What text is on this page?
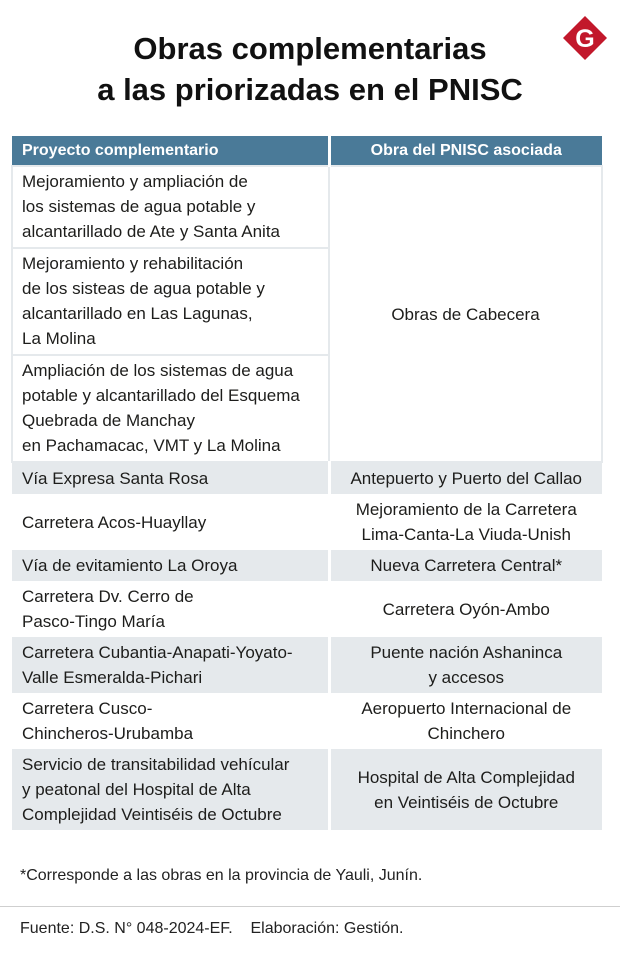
Obras complementarias
a las priorizadas en el PNISC
G
Proyecto complementario	Obra del PNISC asociada

Mejoramiento y ampliación de
los sistemas de agua potable y
alcantarillado de Ate y Santa Anita	Obras de Cabecera

Mejoramiento y rehabilitación
de los sisteas de agua potable y
alcantarillado en Las Lagunas,
La Molina	

Ampliación de los sistemas de agua
potable y alcantarillado del Esquema
Quebrada de Manchay
en Pachamacac, VMT y La Molina	

Vía Expresa Santa Rosa	Antepuerto y Puerto del Callao

Carretera Acos-Huayllay	Mejoramiento de la Carretera
Lima-Canta-La Viuda-Unish

Vía de evitamiento La Oroya	Nueva Carretera Central*

Carretera Dv. Cerro de
Pasco-Tingo María	Carretera Oyón-Ambo

Carretera Cubantia-Anapati-Yoyato-
Valle Esmeralda-Pichari	Puente nación Ashaninca
y accesos

Carretera Cusco-
Chincheros-Urubamba	Aeropuerto Internacional de
Chinchero

Servicio de transitabilidad vehícular
y peatonal del Hospital de Alta
Complejidad Veintiséis de Octubre	Hospital de Alta Complejidad
en Veintiséis de Octubre
*Corresponde a las obras en la provincia de Yauli, Junín.
Fuente: D.S. N° 048-2024-EF.    Elaboración: Gestión.
